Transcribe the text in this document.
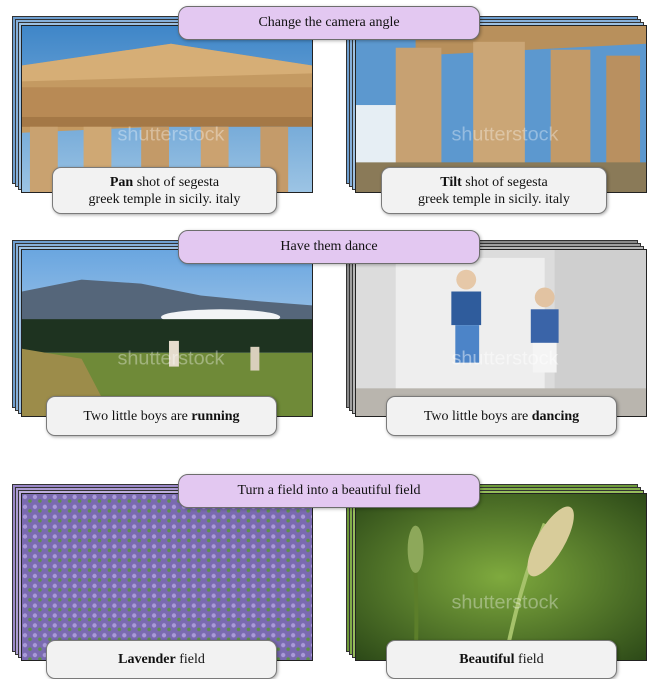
shutterstock
Pan shot of segesta
greek temple in sicily. italy
shutterstock
Tilt shot of segesta
greek temple in sicily. italy
Change the camera angle
shutterstock
Two little boys are running
shutterstock
Two little boys are dancing
Have them dance
Lavender field
shutterstock
Beautiful field
Turn a field into a beautiful field
